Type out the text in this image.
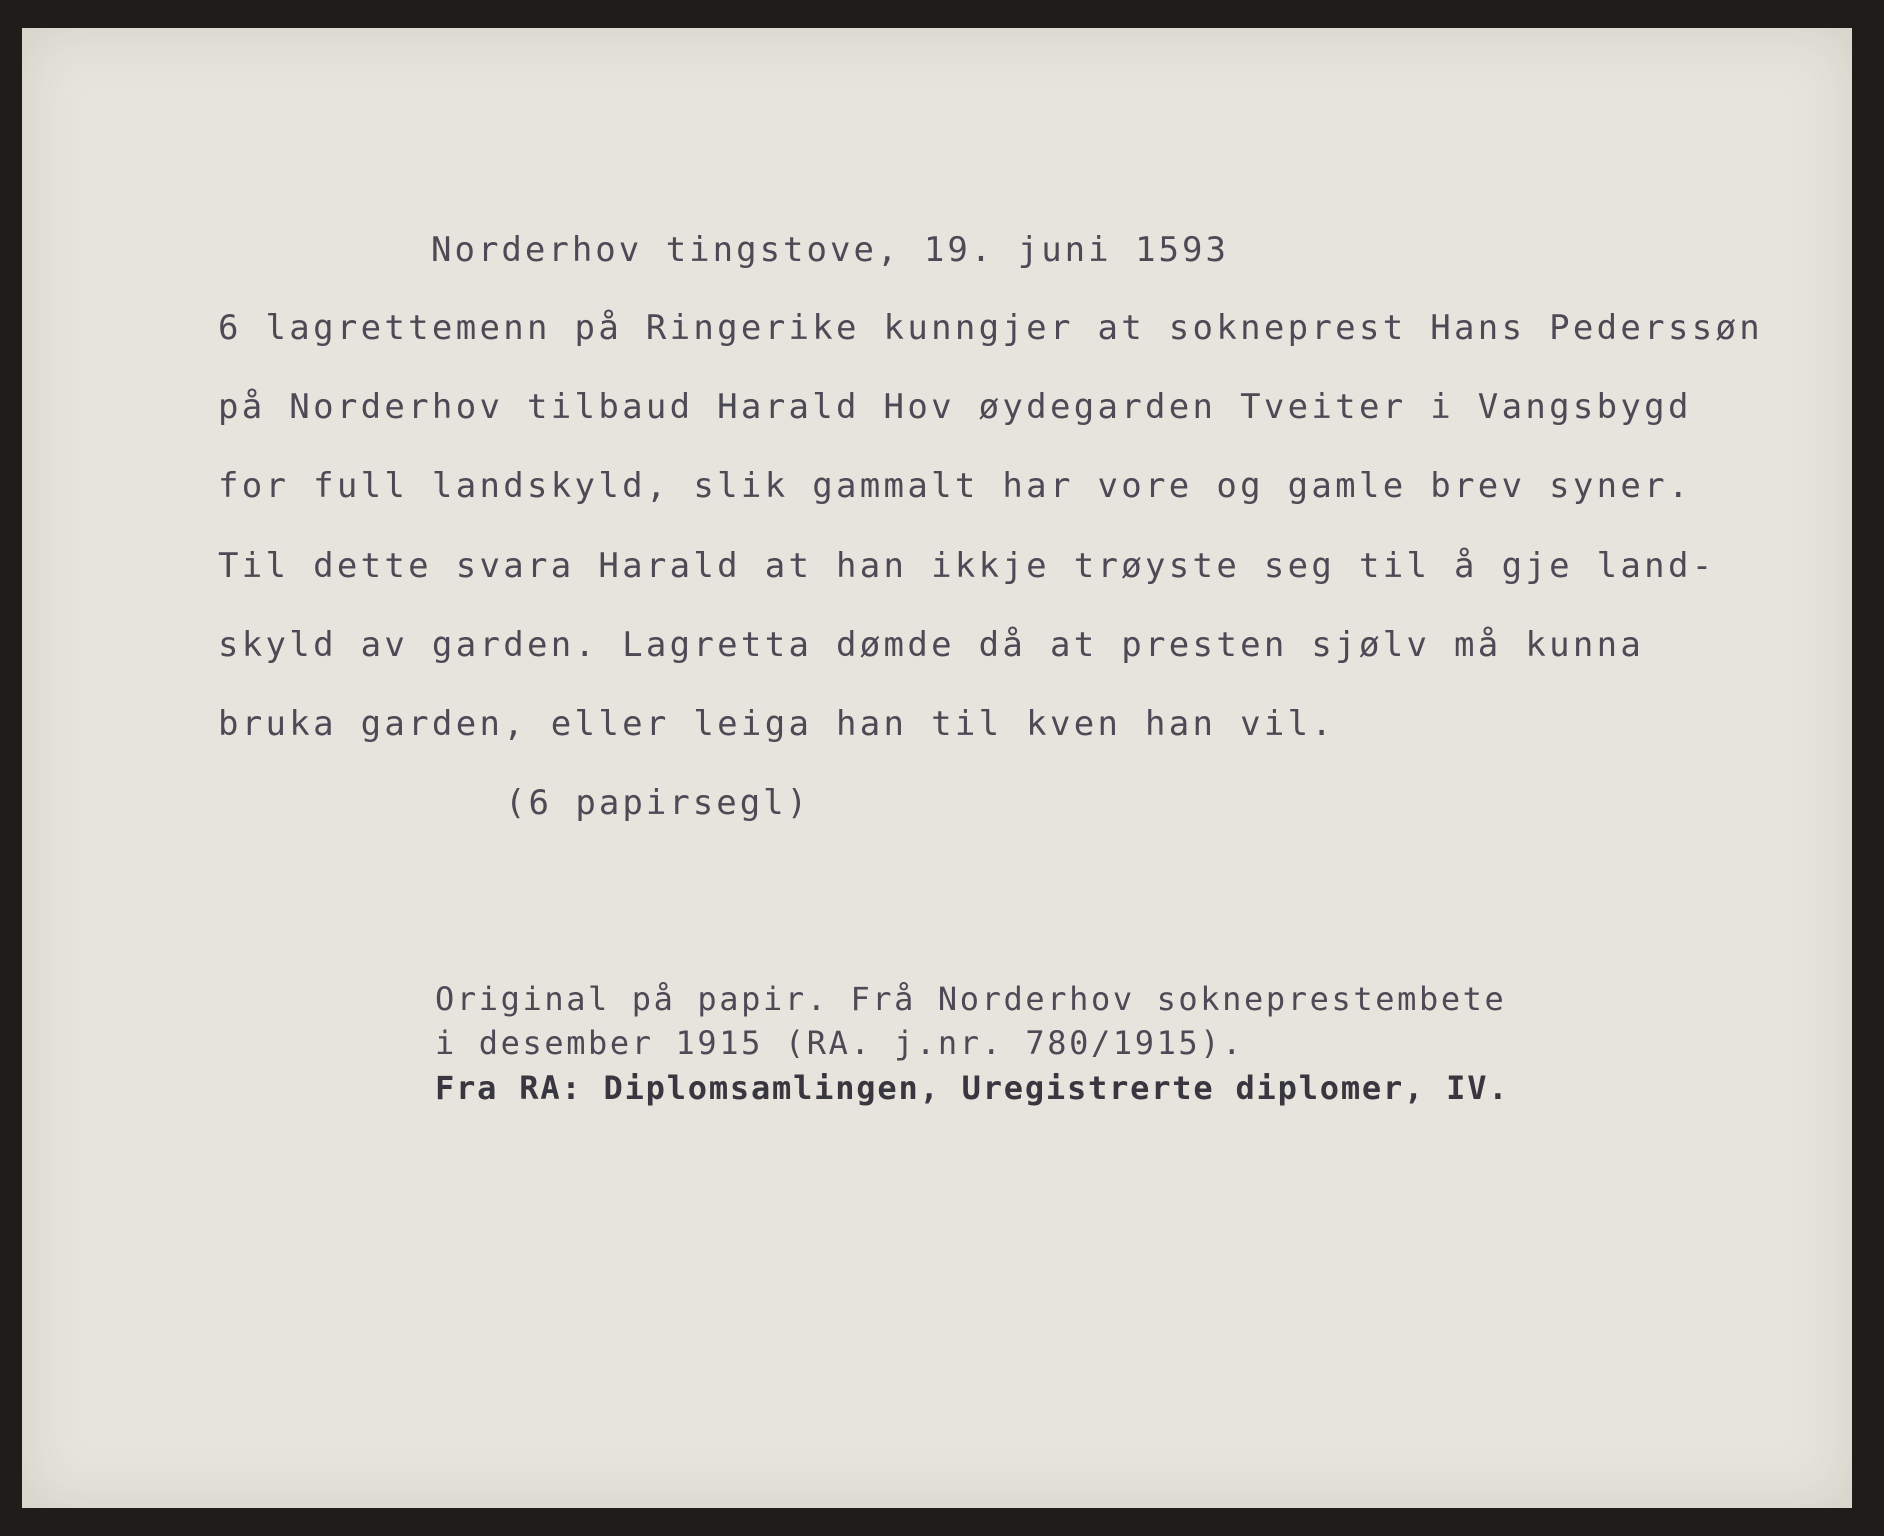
Norderhov tingstove, 19. juni 1593

6 lagrettemenn på Ringerike kunngjer at sokneprest Hans Pederssøn

på Norderhov tilbaud Harald Hov øydegarden Tveiter i Vangsbygd

for full landskyld, slik gammalt har vore og gamle brev syner.

Til dette svara Harald at han ikkje trøyste seg til å gje land-

skyld av garden. Lagretta dømde då at presten sjølv må kunna

bruka garden, eller leiga han til kven han vil.

(6 papirsegl)

Original på papir. Frå Norderhov sokneprestembete

i desember 1915 (RA. j.nr. 780/1915).

Fra RA: Diplomsamlingen, Uregistrerte diplomer, IV.
